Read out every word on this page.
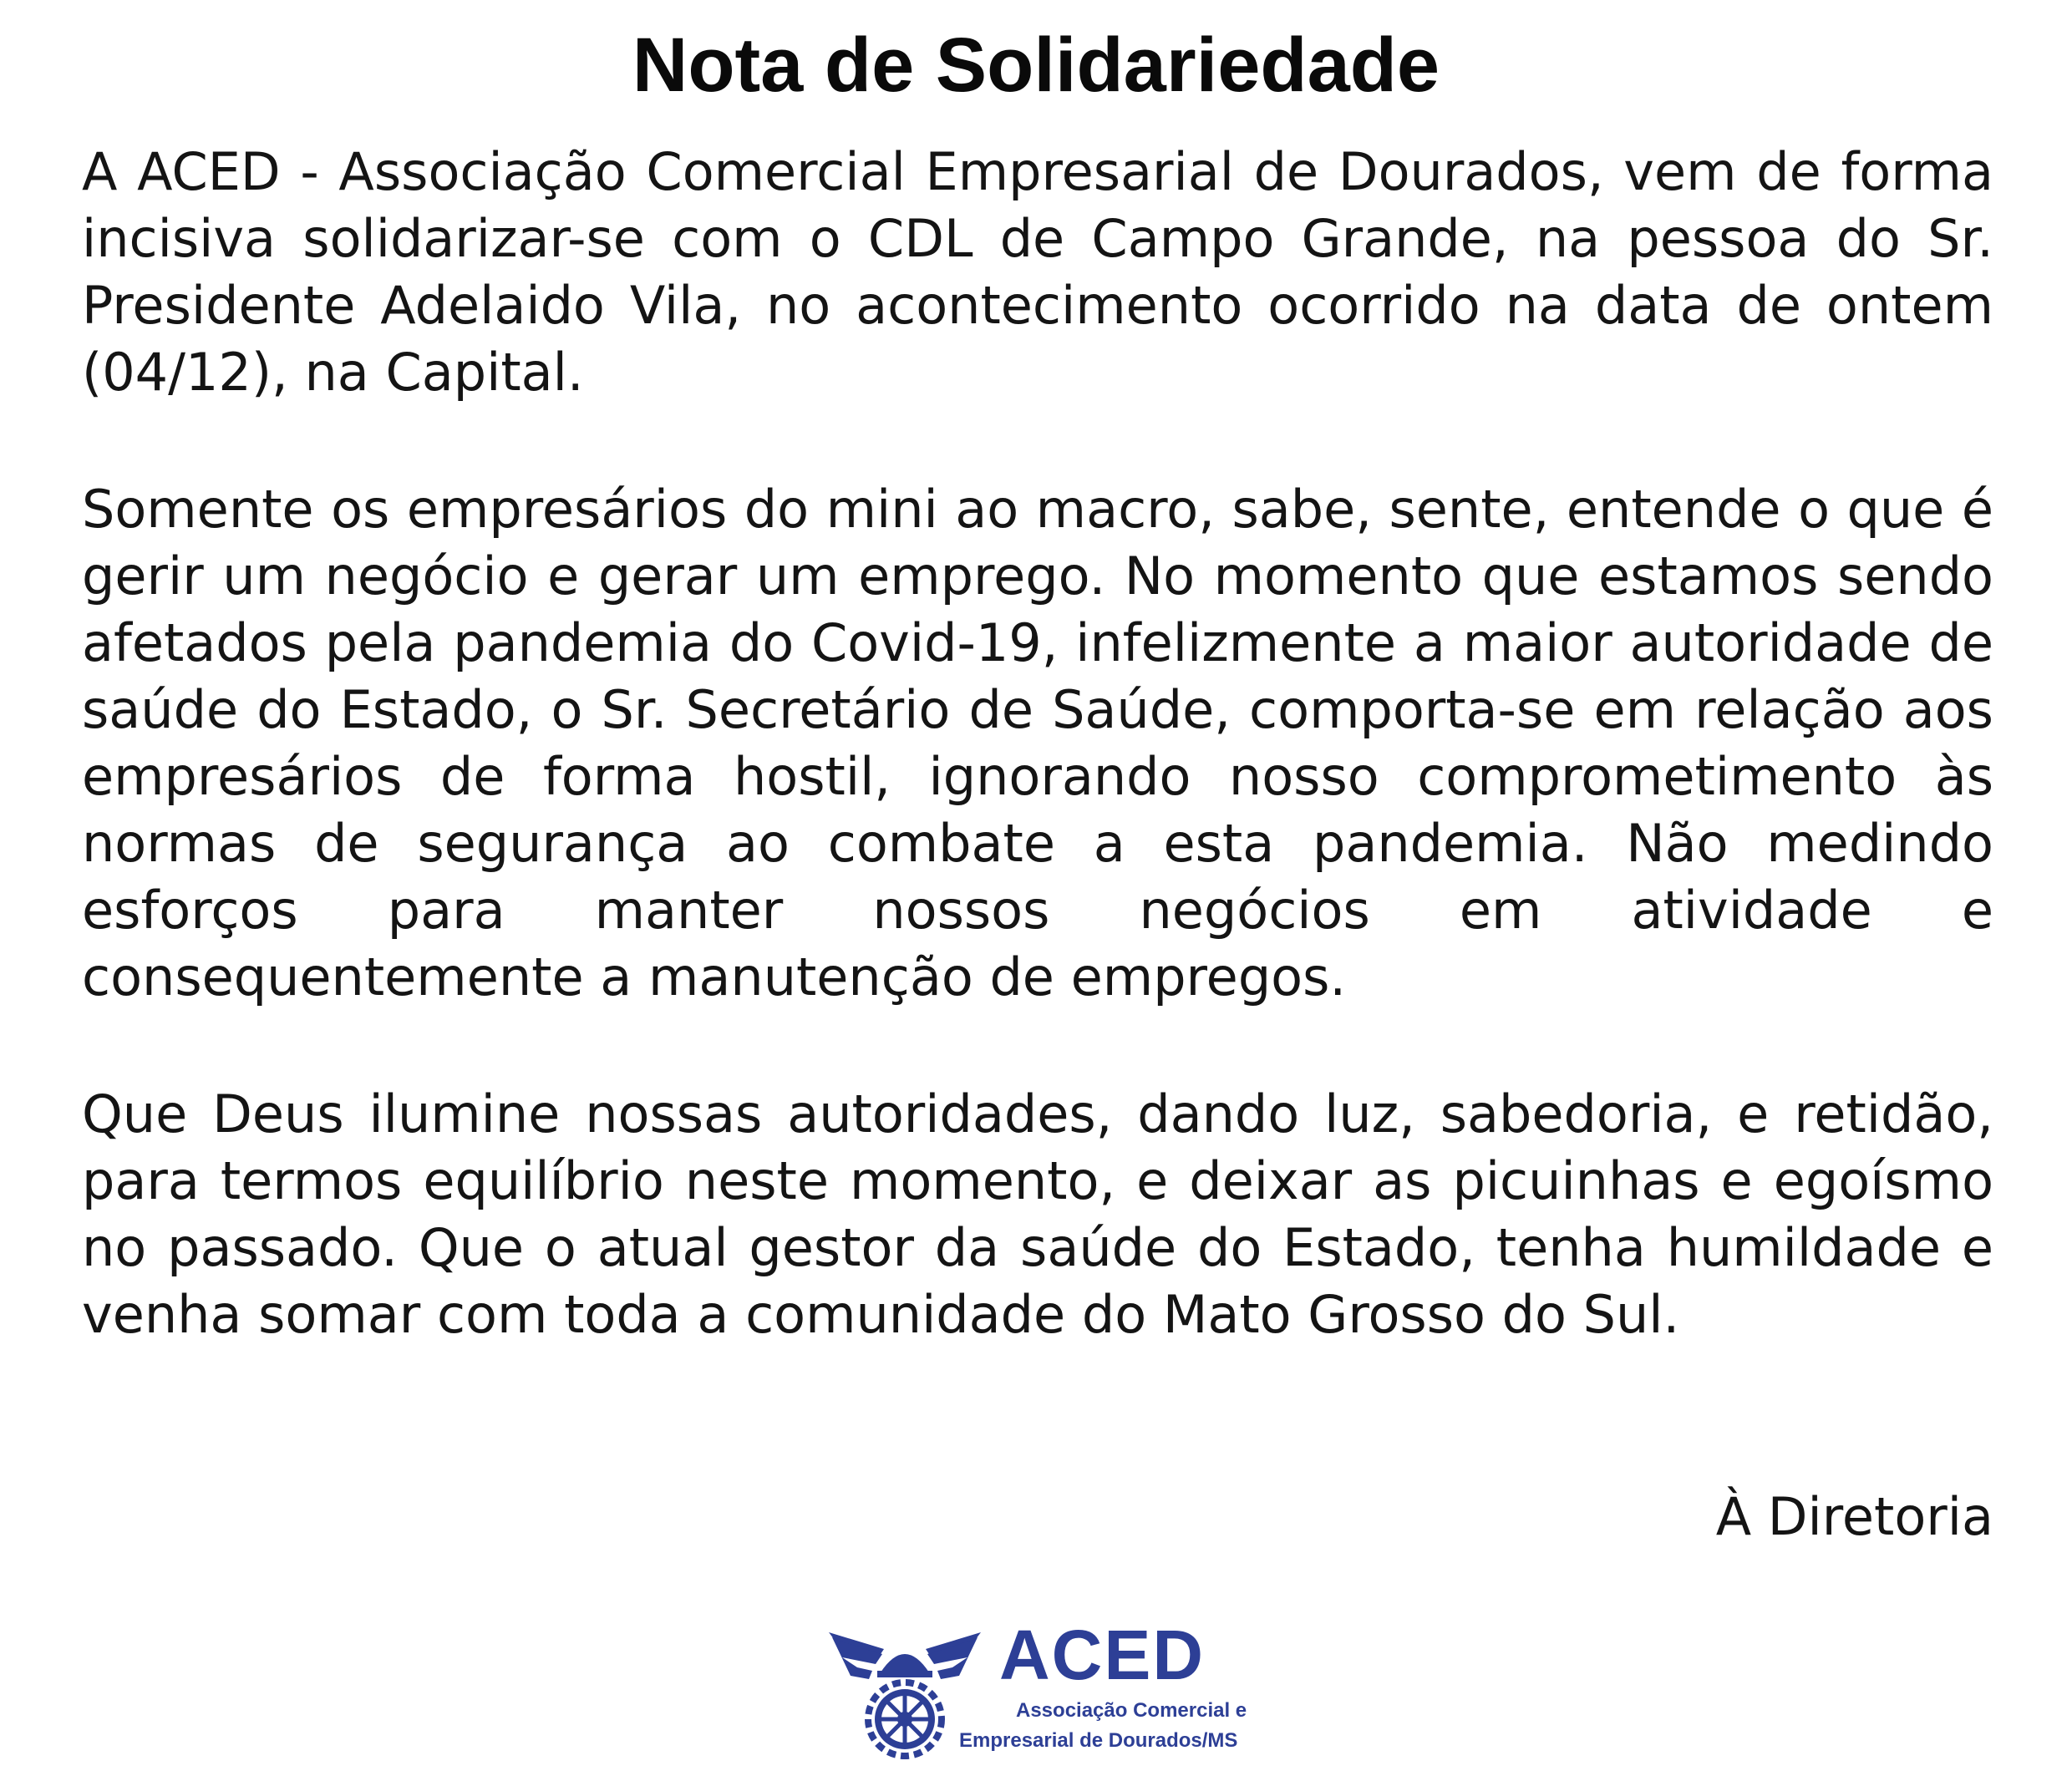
Nota de Solidariedade

A ACED - Associação Comercial Empresarial de Dourados, vem de forma incisiva solidarizar-se com o CDL de Campo Grande, na pessoa do Sr. Presidente Adelaido Vila, no acontecimento ocorrido na data de ontem (04/12), na Capital.

Somente os empresários do mini ao macro, sabe, sente, entende o que é gerir um negócio e gerar um emprego. No momento que estamos sendo afetados pela pandemia do Covid-19, infelizmente a maior autoridade de saúde do Estado, o Sr. Secretário de Saúde, comporta-se em relação aos empresários de forma hostil, ignorando nosso comprometimento às normas de segurança ao combate a esta pandemia. Não medindo esforços para manter nossos negócios em atividade e consequentemente a manutenção de empregos.

Que Deus ilumine nossas autoridades, dando luz, sabedoria, e retidão, para termos equilíbrio neste momento, e deixar as picuinhas e egoísmo no passado. Que o atual gestor da saúde do Estado, tenha humildade e venha somar com toda a comunidade do Mato Grosso do Sul.

À Diretoria

ACED
Associação Comercial e
Empresarial de Dourados/MS
